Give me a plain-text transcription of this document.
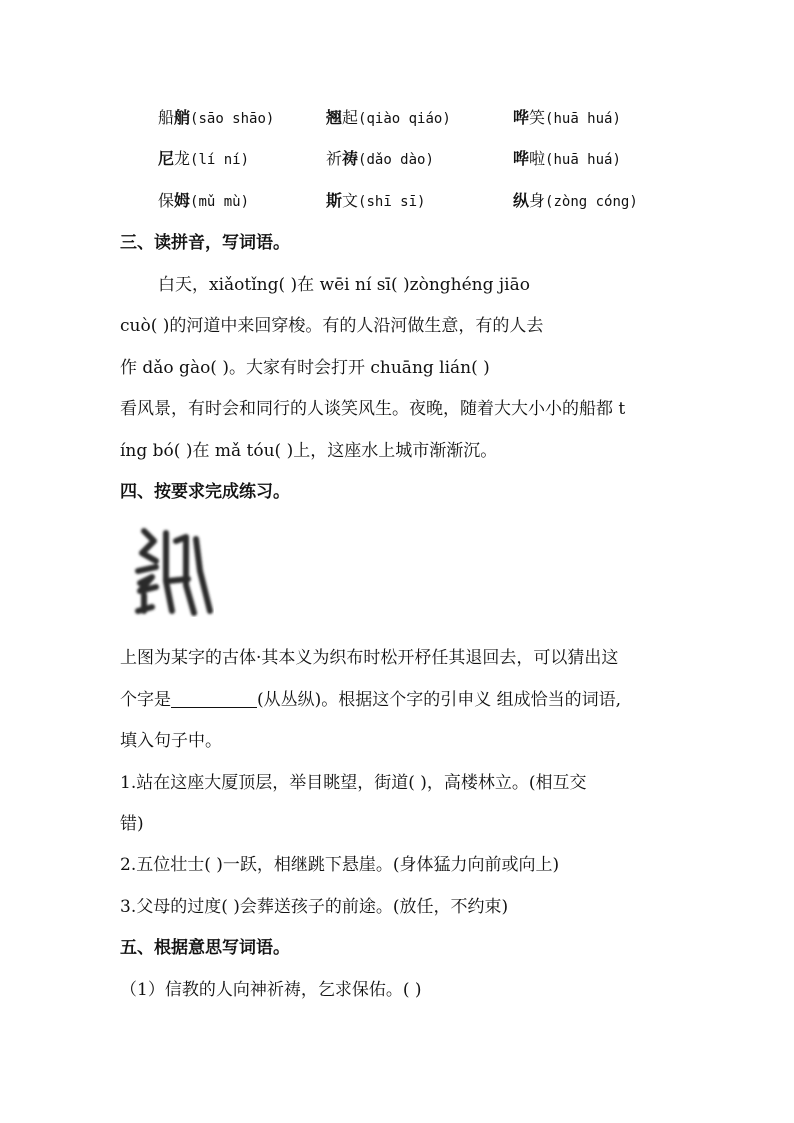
船艄(sāo shāo)	翘起(qiào qiáo)	哗笑(huā huá)
尼龙(lí ní)	祈祷(dǎo dào)	哗啦(huā huá)
保姆(mǔ mù)	斯文(shī sī)	纵身(zòng cóng)
三、读拼音，写词语。
白天，xiǎotǐng( )在 wēi ní sī( )zònghéng jiāo
cuò( )的河道中来回穿梭。有的人沿河做生意，有的人去
作 dǎo gào( )。大家有时会打开 chuāng lián( )
看风景，有时会和同行的人谈笑风生。夜晚，随着大大小小的船都 t
íng bó( )在 mǎ tóu( )上，这座水上城市渐渐沉。
四、按要求完成练习。
上图为某字的古体·其本义为织布时松开杼任其退回去，可以猜出这
个字是	(从丛纵)。根据这个字的引申义 组成恰当的词语,
填入句子中。
1.站在这座大厦顶层，举目眺望，街道( )，高楼林立。(相互交
错)
2.五位壮士( )一跃，相继跳下悬崖。(身体猛力向前或向上)
3.父母的过度( )会葬送孩子的前途。(放任，不约束)
五、根据意思写词语。
（1）信教的人向神祈祷，乞求保佑。( )
